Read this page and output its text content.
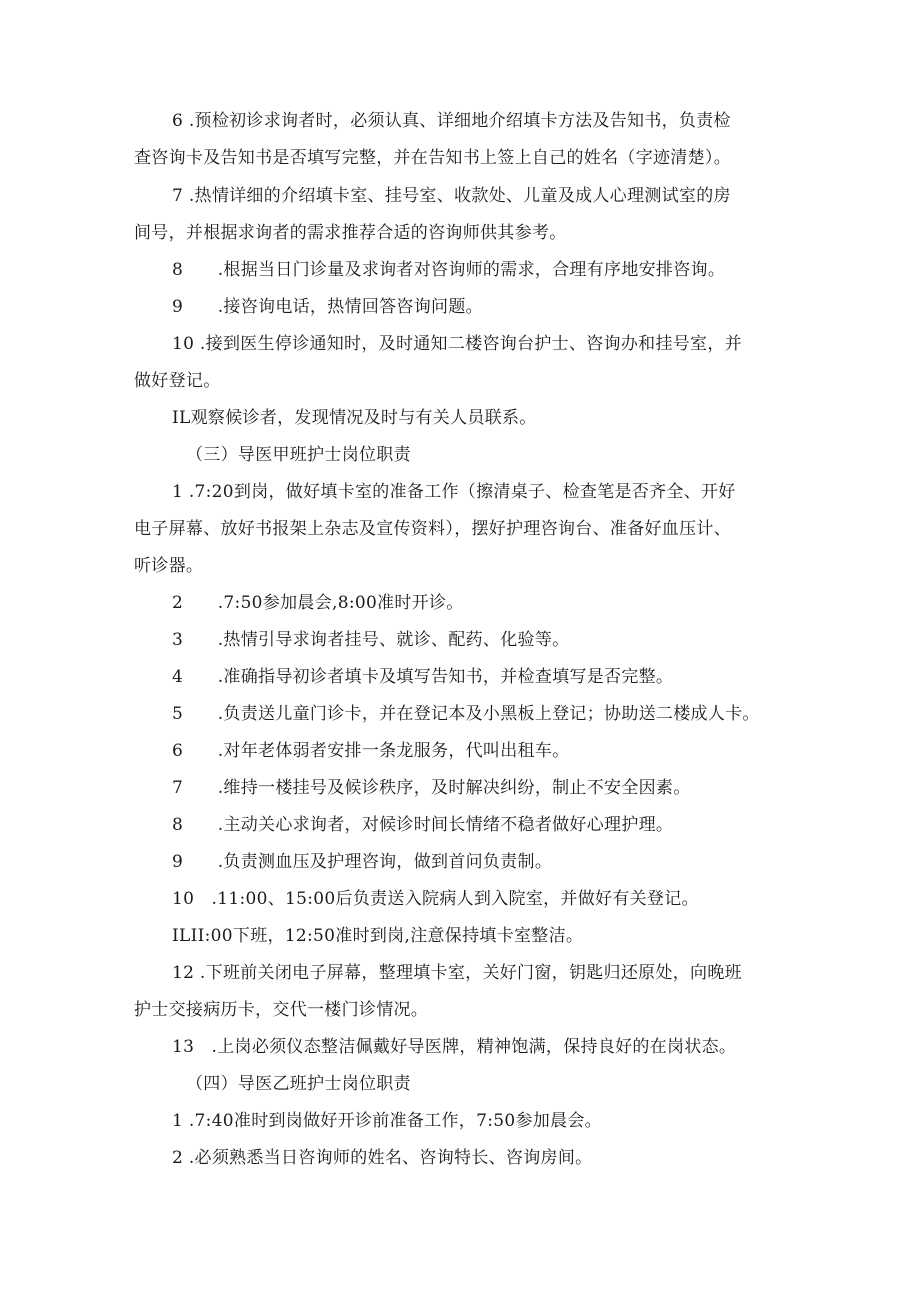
6 .预检初诊求询者时，必须认真、详细地介绍填卡方法及告知书，负责检
查咨询卡及告知书是否填写完整，并在告知书上签上自己的姓名（字迹清楚）。
7 .热情详细的介绍填卡室、挂号室、收款处、儿童及成人心理测试室的房
间号，并根据求询者的需求推荐合适的咨询师供其参考。
8　　.根据当日门诊量及求询者对咨询师的需求，合理有序地安排咨询。
9　　.接咨询电话，热情回答咨询问题。
10 .接到医生停诊通知时，及时通知二楼咨询台护士、咨询办和挂号室，并
做好登记。
IL观察候诊者，发现情况及时与有关人员联系。
（三）导医甲班护士岗位职责
1 .7:20到岗，做好填卡室的准备工作（擦清桌子、检查笔是否齐全、开好
电子屏幕、放好书报架上杂志及宣传资料），摆好护理咨询台、准备好血压计、
听诊器。
2　　.7:50参加晨会,8:00准时开诊。
3　　.热情引导求询者挂号、就诊、配药、化验等。
4　　.准确指导初诊者填卡及填写告知书，并检查填写是否完整。
5　　.负责送儿童门诊卡，并在登记本及小黑板上登记；协助送二楼成人卡。
6　　.对年老体弱者安排一条龙服务，代叫出租车。
7　　.维持一楼挂号及候诊秩序，及时解决纠纷，制止不安全因素。
8　　.主动关心求询者，对候诊时间长情绪不稳者做好心理护理。
9　　.负责测血压及护理咨询，做到首问负责制。
10　.11:00、15:00后负责送入院病人到入院室，并做好有关登记。
ILII:00下班，12:50准时到岗,注意保持填卡室整洁。
12 .下班前关闭电子屏幕，整理填卡室，关好门窗，钥匙归还原处，向晚班
护士交接病历卡，交代一楼门诊情况。
13　.上岗必须仪态整洁佩戴好导医牌，精神饱满，保持良好的在岗状态。
（四）导医乙班护士岗位职责
1 .7:40准时到岗做好开诊前准备工作，7:50参加晨会。
2 .必须熟悉当日咨询师的姓名、咨询特长、咨询房间。
